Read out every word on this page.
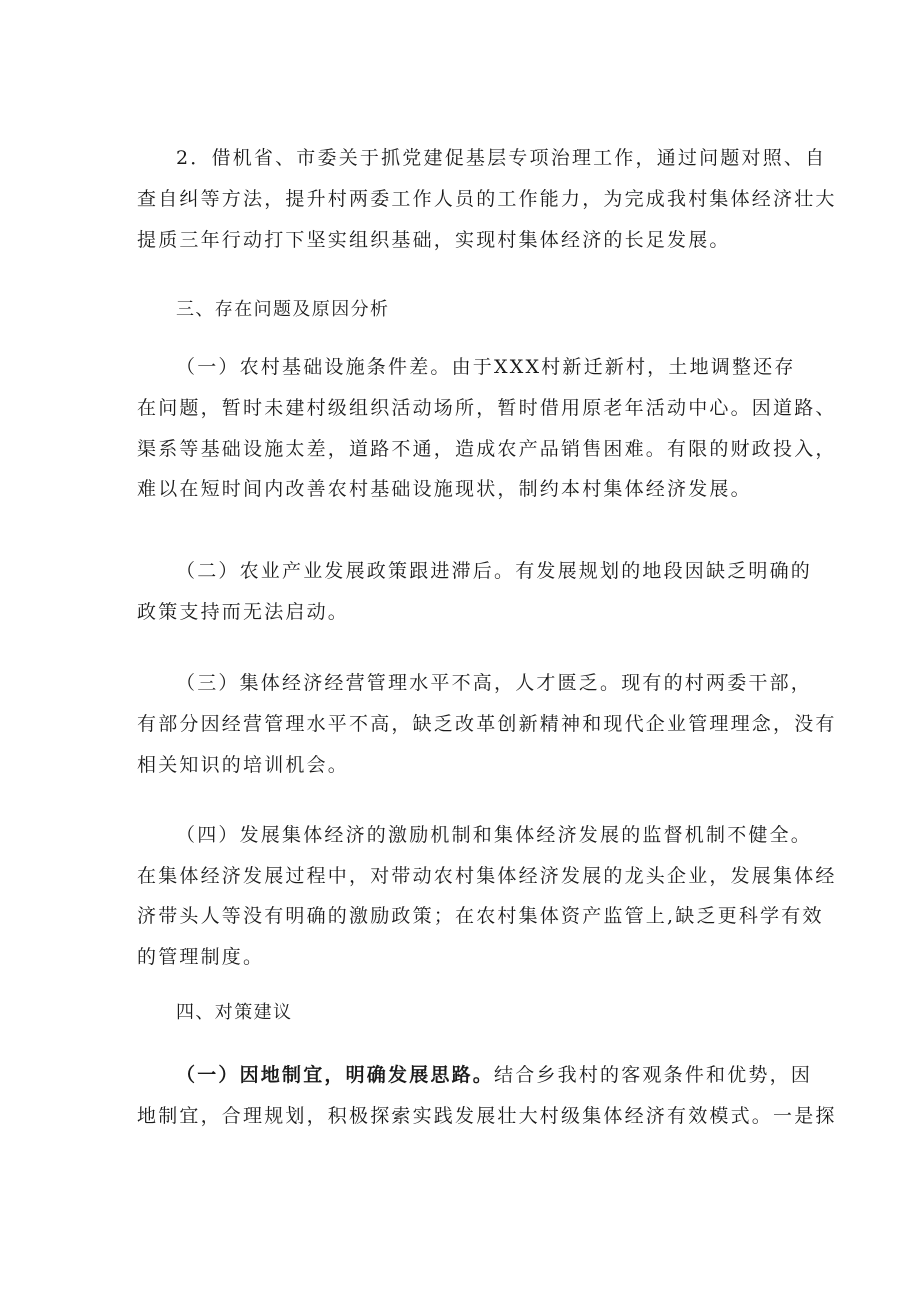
2．借机省、市委关于抓党建促基层专项治理工作，通过问题对照、自
查自纠等方法，提升村两委工作人员的工作能力，为完成我村集体经济壮大
提质三年行动打下坚实组织基础，实现村集体经济的长足发展。
三、存在问题及原因分析
（一）农村基础设施条件差。由于XXX村新迁新村，土地调整还存
在问题，暂时未建村级组织活动场所，暂时借用原老年活动中心。因道路、
渠系等基础设施太差，道路不通，造成农产品销售困难。有限的财政投入，
难以在短时间内改善农村基础设施现状，制约本村集体经济发展。
（二）农业产业发展政策跟进滞后。有发展规划的地段因缺乏明确的
政策支持而无法启动。
（三）集体经济经营管理水平不高，人才匮乏。现有的村两委干部，
有部分因经营管理水平不高，缺乏改革创新精神和现代企业管理理念，没有
相关知识的培训机会。
（四）发展集体经济的激励机制和集体经济发展的监督机制不健全。
在集体经济发展过程中，对带动农村集体经济发展的龙头企业，发展集体经
济带头人等没有明确的激励政策；在农村集体资产监管上,缺乏更科学有效
的管理制度。
四、对策建议
（一）因地制宜，明确发展思路。结合乡我村的客观条件和优势，因
地制宜，合理规划，积极探索实践发展壮大村级集体经济有效模式。一是探
